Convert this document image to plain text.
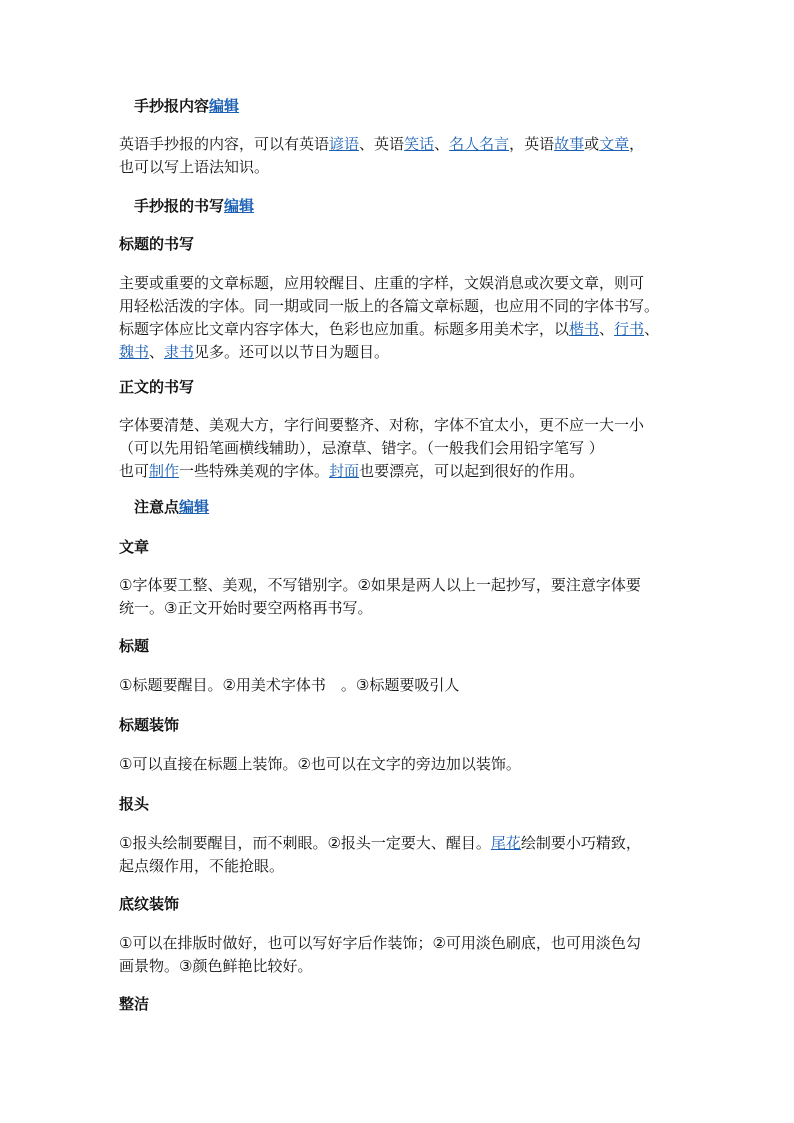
手抄报内容编辑
英语手抄报的内容，可以有英语谚语、英语笑话、名人名言，英语故事或文章，
也可以写上语法知识。
手抄报的书写编辑
标题的书写
主要或重要的文章标题，应用较醒目、庄重的字样，文娱消息或次要文章，则可
用轻松活泼的字体。同一期或同一版上的各篇文章标题，也应用不同的字体书写。
标题字体应比文章内容字体大，色彩也应加重。标题多用美术字，以楷书、行书、
魏书、隶书见多。还可以以节日为题目。
正文的书写
字体要清楚、美观大方，字行间要整齐、对称，字体不宜太小，更不应一大一小
（可以先用铅笔画横线辅助），忌潦草、错字。（一般我们会用铅字笔写 ）
也可制作一些特殊美观的字体。封面也要漂亮，可以起到很好的作用。
注意点编辑
文章
①字体要工整、美观，不写错别字。②如果是两人以上一起抄写，要注意字体要
统一。③正文开始时要空两格再书写。
标题
①标题要醒目。②用美术字体书　。③标题要吸引人
标题装饰
①可以直接在标题上装饰。②也可以在文字的旁边加以装饰。
报头
①报头绘制要醒目，而不刺眼。②报头一定要大、醒目。尾花绘制要小巧精致，
起点缀作用，不能抢眼。
底纹装饰
①可以在排版时做好，也可以写好字后作装饰；②可用淡色刷底，也可用淡色勾
画景物。③颜色鲜艳比较好。
整洁
